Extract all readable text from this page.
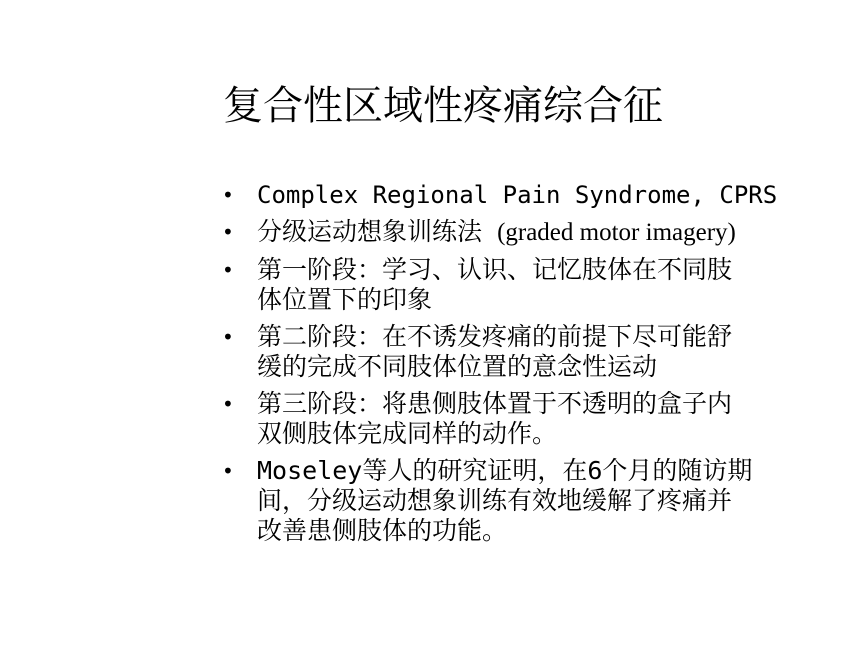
复合性区域性疼痛综合征
• Complex Regional Pain Syndrome, CPRS
• 分级运动想象训练法 (graded motor imagery)
• 第一阶段：学习、认识、记忆肢体在不同肢
体位置下的印象
• 第二阶段：在不诱发疼痛的前提下尽可能舒
缓的完成不同肢体位置的意念性运动
• 第三阶段：将患侧肢体置于不透明的盒子内
双侧肢体完成同样的动作。
• Moseley等人的研究证明，在6个月的随访期
间，分级运动想象训练有效地缓解了疼痛并
改善患侧肢体的功能。
